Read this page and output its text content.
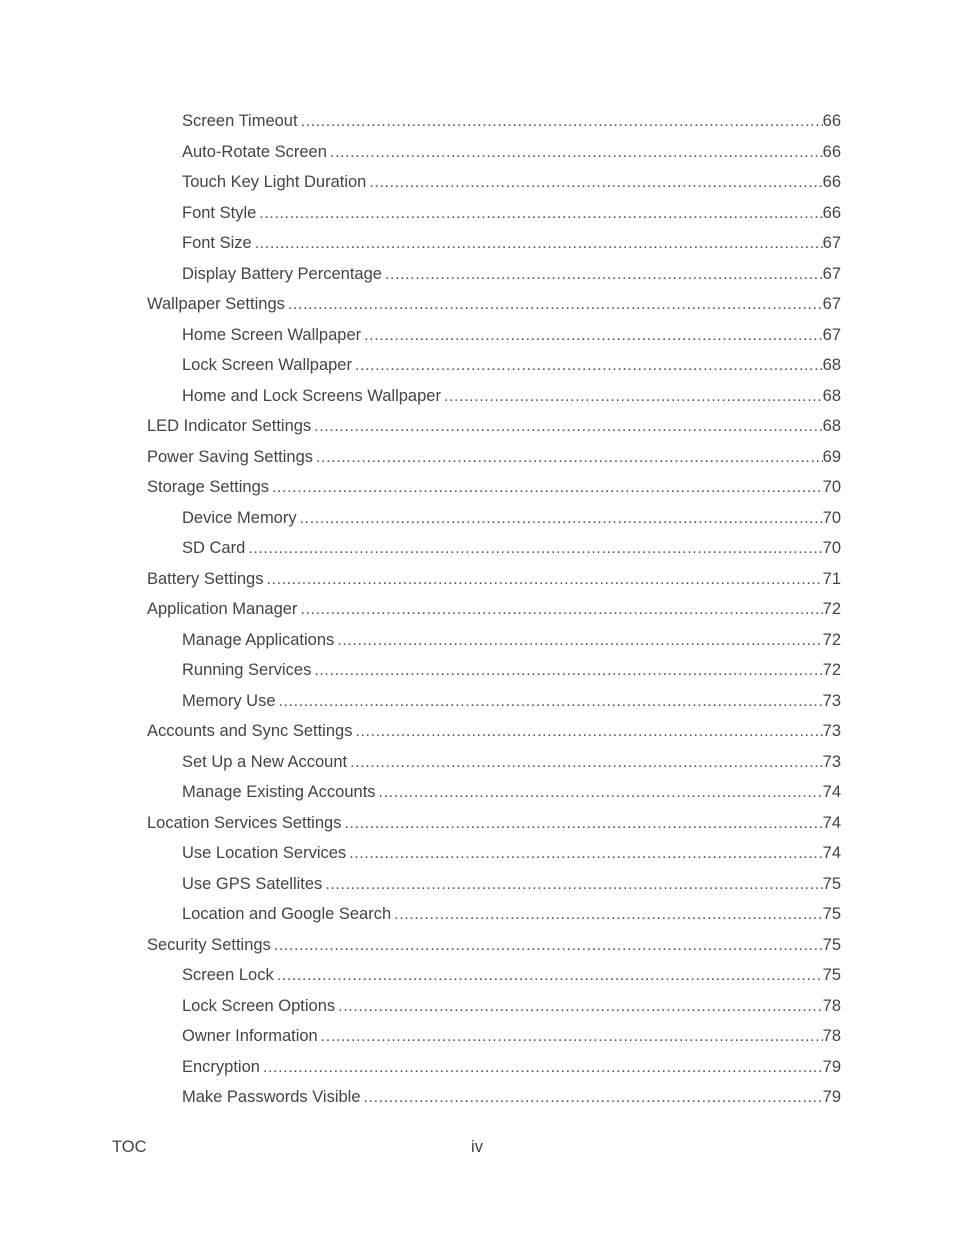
Screen Timeout .....	66
Auto-Rotate Screen .....	66
Touch Key Light Duration .....	66
Font Style .....	66
Font Size .....	67
Display Battery Percentage .....	67
Wallpaper Settings .....	67
Home Screen Wallpaper .....	67
Lock Screen Wallpaper .....	68
Home and Lock Screens Wallpaper .....	68
LED Indicator Settings .....	68
Power Saving Settings .....	69
Storage Settings .....	70
Device Memory .....	70
SD Card .....	70
Battery Settings .....	71
Application Manager .....	72
Manage Applications .....	72
Running Services .....	72
Memory Use .....	73
Accounts and Sync Settings .....	73
Set Up a New Account .....	73
Manage Existing Accounts .....	74
Location Services Settings .....	74
Use Location Services .....	74
Use GPS Satellites .....	75
Location and Google Search .....	75
Security Settings .....	75
Screen Lock .....	75
Lock Screen Options .....	78
Owner Information .....	78
Encryption .....	79
Make Passwords Visible .....	79
TOC	iv
